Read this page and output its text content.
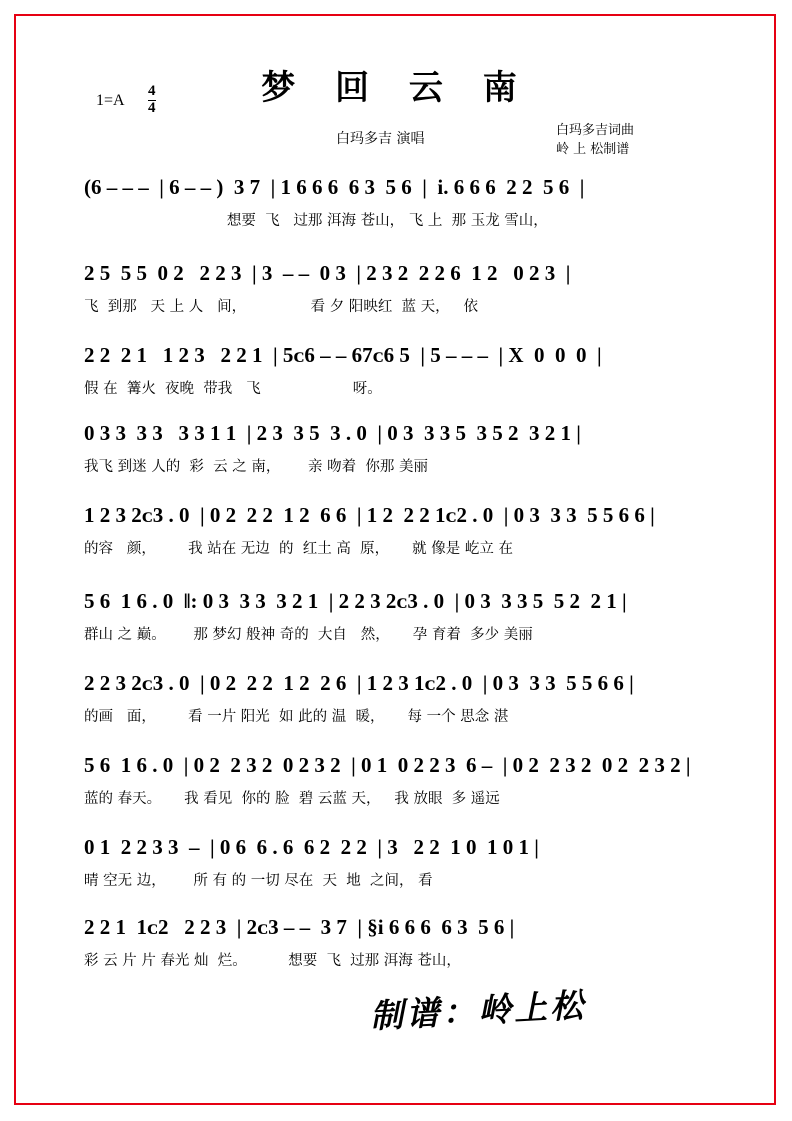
梦 回 云 南
$1=A \frac{4}{4}$
白玛多吉 演唱
白玛多吉词曲
岭 上 松制谱
(6 – – –  | 6 – – )  3 7  | 1 6 6 6  6 3  5 6  |  i. 6 6 6  2 2  5 6  |
想要  飞   过那 洱海 苍山， 飞 上  那 玉龙 雪山，
2 5  5 5  0 2   2 2 3  | 3  – –  0 3  | 2 3 2  2 2 6  1 2   0 2 3  |
飞  到那   天 上 人   间，              看 夕 阳映红  蓝 天，   依
2 2  2 1   1 2 3   2 2 1  | 5ᴄ6 – – 67ᴄ6 5  | 5 – – –  | X  0  0  0  |
假 在  篝火  夜晚  带我   飞                    呀。
0 3 3  3 3   3 3 1 1  | 2 3  3 5  3 . 0  | 0 3  3 3 5  3 5 2  3 2 1 |
我飞 到迷 人的  彩  云 之 南，      亲 吻着  你那 美丽
1 2 3 2ᴄ3 . 0  | 0 2  2 2  1 2  6 6  | 1 2  2 2 1ᴄ2 . 0  | 0 3  3 3  5 5 6 6 |
的容   颜，       我 站在 无边  的  红土 高  原，     就 像是 屹立 在
5 6  1 6 . 0  ‖: 0 3  3 3  3 2 1  | 2 2 3 2ᴄ3 . 0  | 0 3  3 3 5  5 2  2 1 |
群山 之 巅。      那 梦幻 般神 奇的  大自   然，     孕 育着  多少 美丽
2 2 3 2ᴄ3 . 0  | 0 2  2 2  1 2  2 6  | 1 2 3 1ᴄ2 . 0  | 0 3  3 3  5 5 6 6 |
的画   面，       看 一片 阳光  如 此的 温  暖，     每 一个 思念 湛
5 6  1 6 . 0  | 0 2  2 3 2  0 2 3 2  | 0 1  0 2 2 3  6 –  | 0 2  2 3 2  0 2  2 3 2 |
蓝的 春天。     我 看见  你的 脸  碧 云蓝 天，   我 放眼  多 遥远
0 1  2 2 3 3  –  | 0 6  6 . 6  6 2  2 2  | 3   2 2  1 0  1 0 1 |
晴 空无 边，      所 有 的 一切 尽在  天  地  之间， 看
2 2 1  1ᴄ2   2 2 3  | 2ᴄ3 – –  3 7  | §i 6 6 6  6 3  5 6 |
彩 云 片 片 春光 灿  烂。         想要  飞  过那 洱海 苍山，
制谱：岭上松
